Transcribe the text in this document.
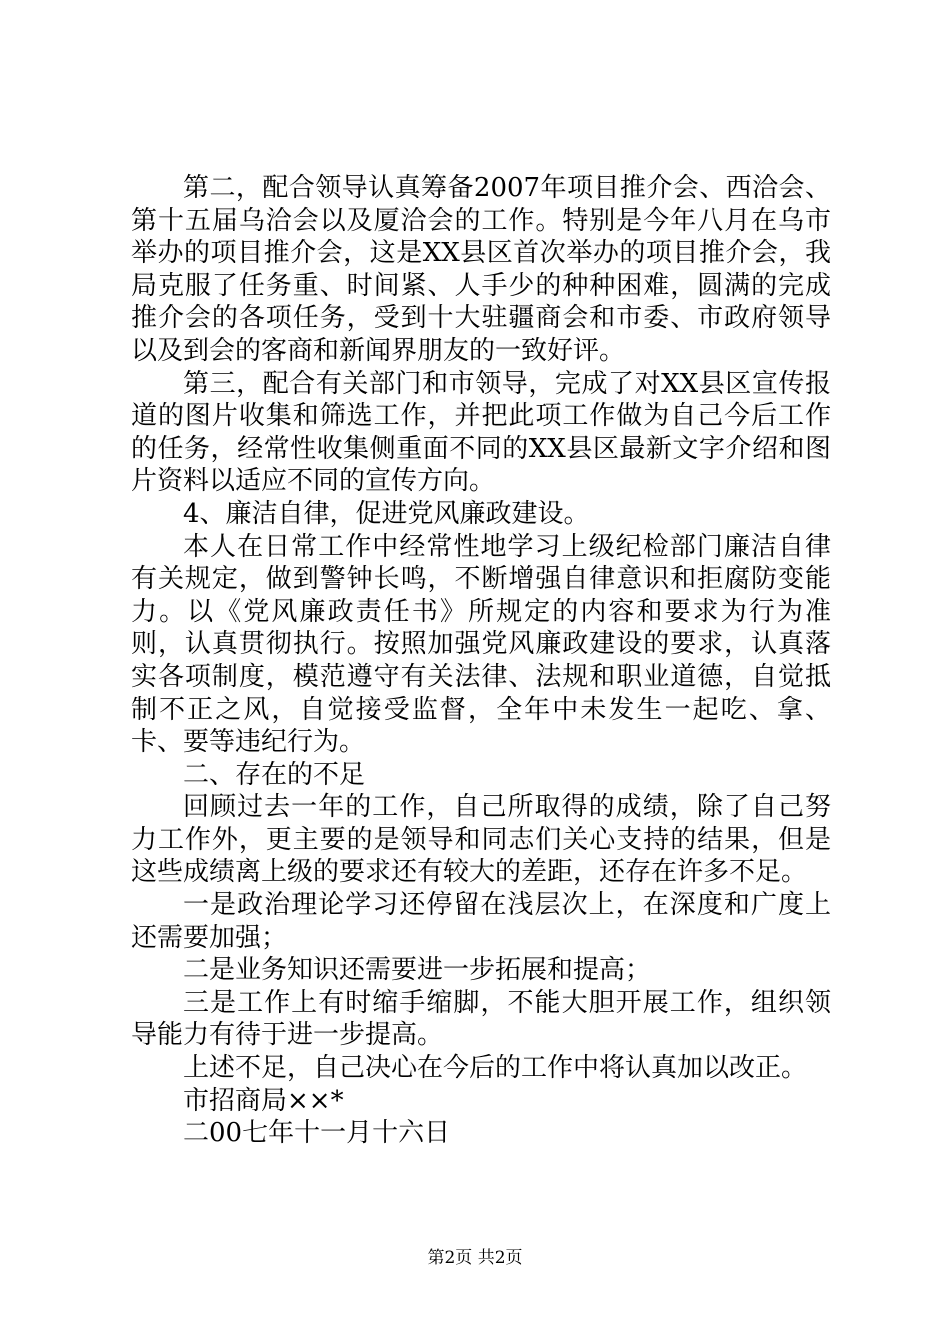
第二，配合领导认真筹备2007年项目推介会、西洽会、第十五届乌洽会以及厦洽会的工作。特别是今年八月在乌市举办的项目推介会，这是XX县区首次举办的项目推介会，我局克服了任务重、时间紧、人手少的种种困难，圆满的完成推介会的各项任务，受到十大驻疆商会和市委、市政府领导以及到会的客商和新闻界朋友的一致好评。

第三，配合有关部门和市领导，完成了对XX县区宣传报道的图片收集和筛选工作，并把此项工作做为自己今后工作的任务，经常性收集侧重面不同的XX县区最新文字介绍和图片资料以适应不同的宣传方向。

4、廉洁自律，促进党风廉政建设。

本人在日常工作中经常性地学习上级纪检部门廉洁自律有关规定，做到警钟长鸣，不断增强自律意识和拒腐防变能力。以《党风廉政责任书》所规定的内容和要求为行为准则，认真贯彻执行。按照加强党风廉政建设的要求，认真落实各项制度，模范遵守有关法律、法规和职业道德，自觉抵制不正之风，自觉接受监督，全年中未发生一起吃、拿、卡、要等违纪行为。

二、存在的不足

回顾过去一年的工作，自己所取得的成绩，除了自己努力工作外，更主要的是领导和同志们关心支持的结果，但是这些成绩离上级的要求还有较大的差距，还存在许多不足。

一是政治理论学习还停留在浅层次上，在深度和广度上还需要加强；

二是业务知识还需要进一步拓展和提高；

三是工作上有时缩手缩脚，不能大胆开展工作，组织领导能力有待于进一步提高。

上述不足，自己决心在今后的工作中将认真加以改正。

市招商局××*

二00七年十一月十六日

第2页 共2页
